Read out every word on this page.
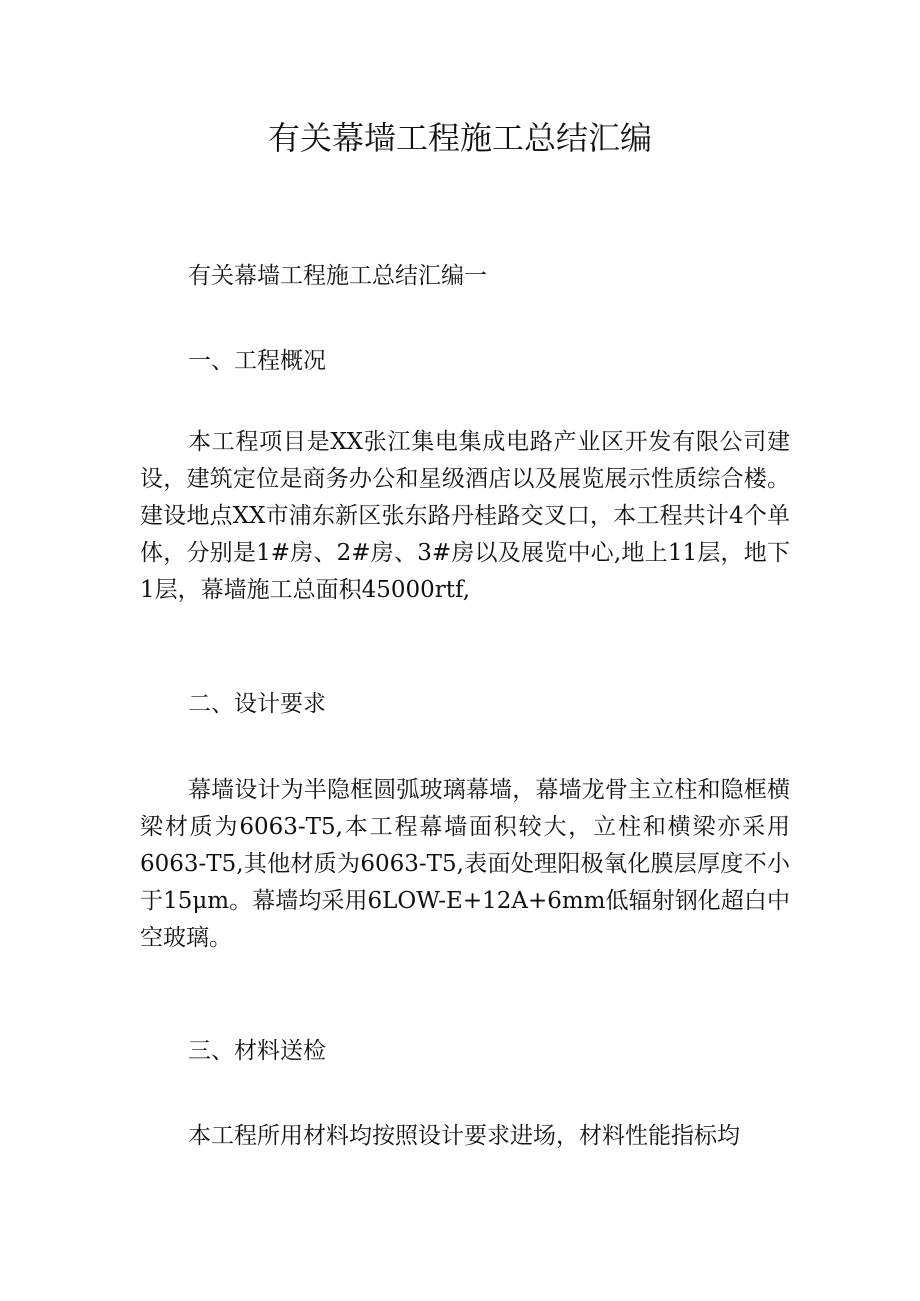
有关幕墙工程施工总结汇编

有关幕墙工程施工总结汇编一

一、工程概况

本工程项目是XX张江集电集成电路产业区开发有限公司建设，建筑定位是商务办公和星级酒店以及展览展示性质综合楼。建设地点XX市浦东新区张东路丹桂路交叉口，本工程共计4个单体，分别是1#房、2#房、3#房以及展览中心,地上11层，地下1层，幕墙施工总面积45000rtf,

二、设计要求

幕墙设计为半隐框圆弧玻璃幕墙，幕墙龙骨主立柱和隐框横梁材质为6063-T5,本工程幕墙面积较大，立柱和横梁亦采用6063-T5,其他材质为6063-T5,表面处理阳极氧化膜层厚度不小于15μm。幕墙均采用6LOW-E+12A+6mm低辐射钢化超白中空玻璃。

三、材料送检

本工程所用材料均按照设计要求进场，材料性能指标均
